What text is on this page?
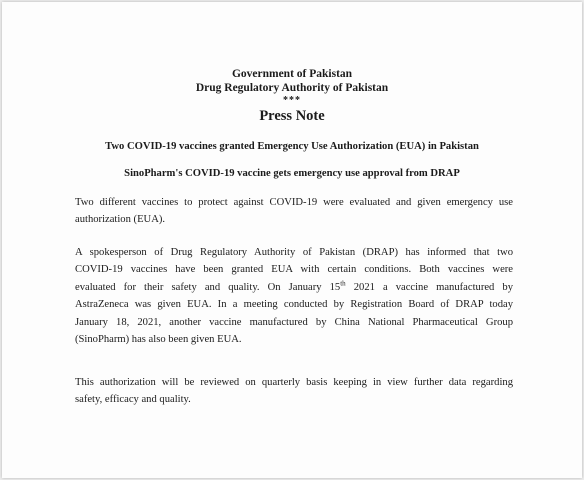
Government of Pakistan
Drug Regulatory Authority of Pakistan
***
Press Note
Two COVID-19 vaccines granted Emergency Use Authorization (EUA) in Pakistan
SinoPharm's COVID-19 vaccine gets emergency use approval from DRAP
Two different vaccines to protect against COVID-19 were evaluated and given emergency use
authorization (EUA).
A spokesperson of Drug Regulatory Authority of Pakistan (DRAP) has informed that two
COVID-19 vaccines have been granted EUA with certain conditions. Both vaccines were
evaluated for their safety and quality. On January 15th 2021 a vaccine manufactured by
AstraZeneca was given EUA. In a meeting conducted by Registration Board of DRAP today
January 18, 2021, another vaccine manufactured by China National Pharmaceutical Group
(SinoPharm) has also been given EUA.
This authorization will be reviewed on quarterly basis keeping in view further data regarding
safety, efficacy and quality.
